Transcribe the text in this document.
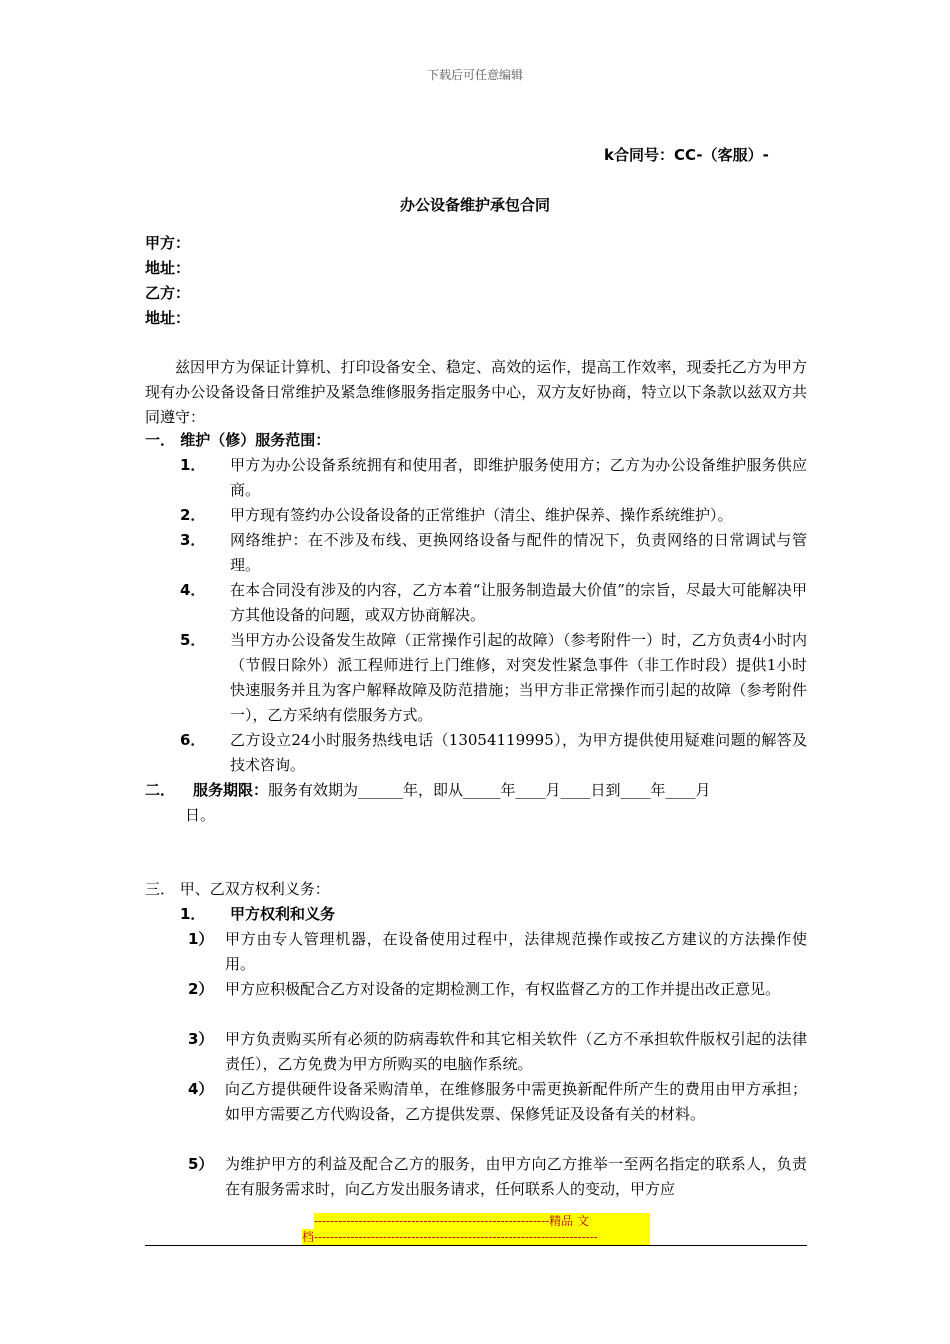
下载后可任意编辑
k合同号：CC-（客服）-
办公设备维护承包合同
甲方：
地址：
乙方：
地址：
兹因甲方为保证计算机、打印设备安全、稳定、高效的运作，提高工作效率，现委托乙方为甲方现有办公设备设备日常维护及紧急维修服务指定服务中心，双方友好协商，特立以下条款以兹双方共同遵守：
一． 维护（修）服务范围：
1． 甲方为办公设备系统拥有和使用者，即维护服务使用方；乙方为办公设备维护服务供应商。
2． 甲方现有签约办公设备设备的正常维护（清尘、维护保养、操作系统维护）。
3． 网络维护：在不涉及布线、更换网络设备与配件的情况下，负责网络的日常调试与管理。
4． 在本合同没有涉及的内容，乙方本着“让服务制造最大价值”的宗旨，尽最大可能解决甲方其他设备的问题，或双方协商解决。
5． 当甲方办公设备发生故障（正常操作引起的故障）（参考附件一）时，乙方负责4小时内（节假日除外）派工程师进行上门维修，对突发性紧急事件（非工作时段）提供1小时快速服务并且为客户解释故障及防范措施；当甲方非正常操作而引起的故障（参考附件一），乙方采纳有偿服务方式。
6． 乙方设立24小时服务热线电话（13054119995），为甲方提供使用疑难问题的解答及技术咨询。
二． 服务期限：服务有效期为______年，即从_____年____月____日到____年____月
日。
三． 甲、乙双方权利义务：
1． 甲方权利和义务
1） 甲方由专人管理机器，在设备使用过程中，法律规范操作或按乙方建议的方法操作使用。
2） 甲方应积极配合乙方对设备的定期检测工作，有权监督乙方的工作并提出改正意见。
3） 甲方负责购买所有必须的防病毒软件和其它相关软件（乙方不承担软件版权引起的法律责任），乙方免费为甲方所购买的电脑作系统。
4） 向乙方提供硬件设备采购清单，在维修服务中需更换新配件所产生的费用由甲方承担；如甲方需要乙方代购设备，乙方提供发票、保修凭证及设备有关的材料。
5） 为维护甲方的利益及配合乙方的服务，由甲方向乙方推举一至两名指定的联系人，负责在有服务需求时，向乙方发出服务请求，任何联系人的变动，甲方应
----------------------------------------------------------精品 文
档----------------------------------------------------------------------
